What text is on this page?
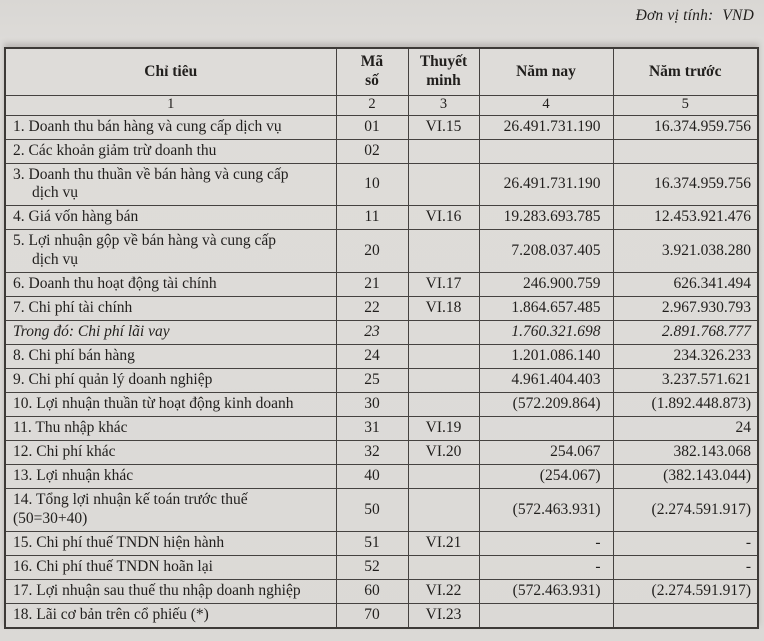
Đơn vị tính: VND
Chỉ tiêu	Mã số	Thuyết minh	Năm nay	Năm trước
1	2	3	4	5
1. Doanh thu bán hàng và cung cấp dịch vụ	01	VI.15	26.491.731.190	16.374.959.756
2. Các khoản giảm trừ doanh thu	02			
3. Doanh thu thuần về bán hàng và cung cấp
dịch vụ	10		26.491.731.190	16.374.959.756
4. Giá vốn hàng bán	11	VI.16	19.283.693.785	12.453.921.476
5. Lợi nhuận gộp về bán hàng và cung cấp
dịch vụ	20		7.208.037.405	3.921.038.280
6. Doanh thu hoạt động tài chính	21	VI.17	246.900.759	626.341.494
7. Chi phí tài chính	22	VI.18	1.864.657.485	2.967.930.793
Trong đó: Chi phí lãi vay	23		1.760.321.698	2.891.768.777
8. Chi phí bán hàng	24		1.201.086.140	234.326.233
9. Chi phí quản lý doanh nghiệp	25		4.961.404.403	3.237.571.621
10. Lợi nhuận thuần từ hoạt động kinh doanh	30		(572.209.864)	(1.892.448.873)
11. Thu nhập khác	31	VI.19		24
12. Chi phí khác	32	VI.20	254.067	382.143.068
13. Lợi nhuận khác	40		(254.067)	(382.143.044)
14. Tổng lợi nhuận kế toán trước thuế
(50=30+40)	50		(572.463.931)	(2.274.591.917)
15. Chi phí thuế TNDN hiện hành	51	VI.21	-	-
16. Chi phí thuế TNDN hoãn lại	52		-	-
17. Lợi nhuận sau thuế thu nhập doanh nghiệp	60	VI.22	(572.463.931)	(2.274.591.917)
18. Lãi cơ bản trên cổ phiếu (*)	70	VI.23		
